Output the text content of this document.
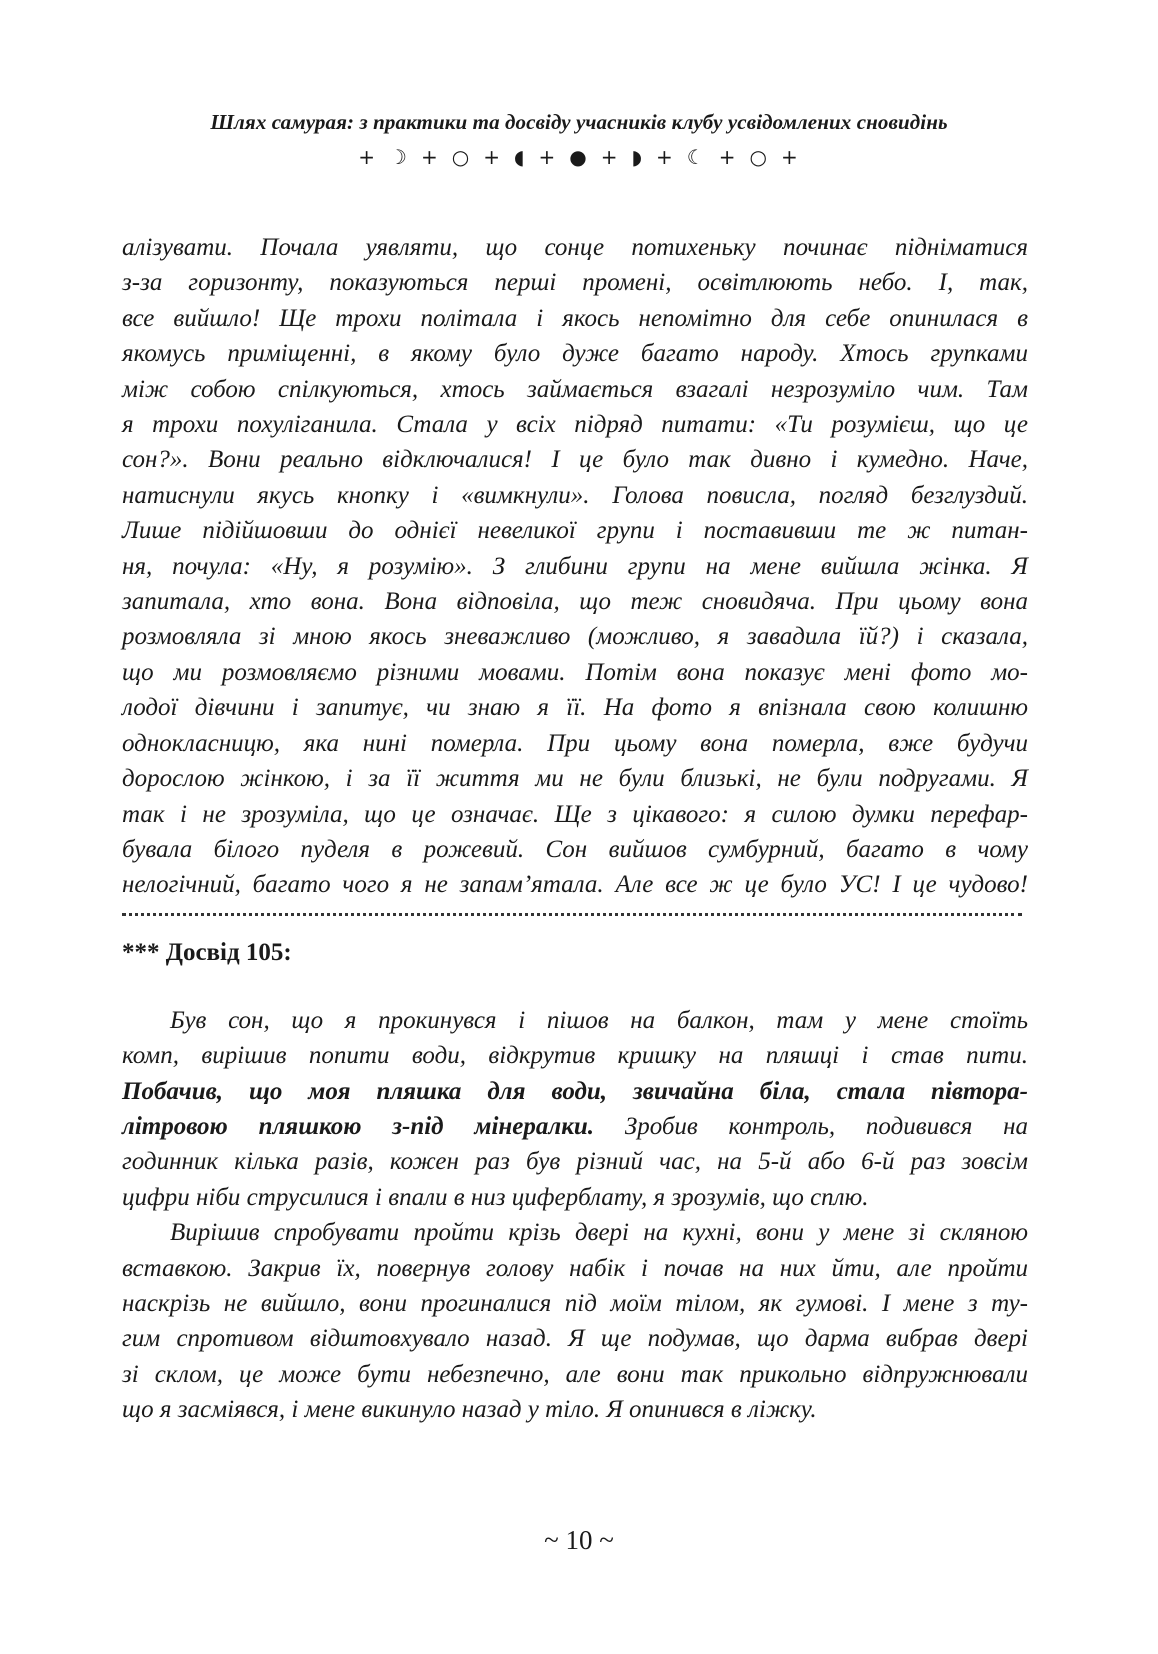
Шлях самурая: з практики та досвіду учасників клубу усвідомлених сновидінь
+ ☽ + ○ + ◖ + ● + ◗ + ☾ + ○ +
алізувати. Почала уявляти, що сонце потихеньку починає підніматися
з-за горизонту, показуються перші промені, освітлюють небо. І, так,
все вийшло! Ще трохи політала і якось непомітно для себе опинилася в
якомусь приміщенні, в якому було дуже багато народу. Хтось групками
між собою спілкуються, хтось займається взагалі незрозуміло чим. Там
я трохи похуліганила. Стала у всіх підряд питати: «Ти розумієш, що це
сон?». Вони реально відключалися! І це було так дивно і кумедно. Наче,
натиснули якусь кнопку і «вимкнули». Голова повисла, погляд безглуздий.
Лише підійшовши до однієї невеликої групи і поставивши те ж питан-
ня, почула: «Ну, я розумію». З глибини групи на мене вийшла жінка. Я
запитала, хто вона. Вона відповіла, що теж сновидяча. При цьому вона
розмовляла зі мною якось зневажливо (можливо, я завадила їй?) і сказала,
що ми розмовляємо різними мовами. Потім вона показує мені фото мо-
лодої дівчини і запитує, чи знаю я її. На фото я впізнала свою колишню
однокласницю, яка нині померла. При цьому вона померла, вже будучи
дорослою жінкою, і за її життя ми не були близькі, не були подругами. Я
так і не зрозуміла, що це означає. Ще з цікавого: я силою думки перефар-
бувала білого пуделя в рожевий. Сон вийшов сумбурний, багато в чому
нелогічний, багато чого я не запам’ятала. Але все ж це було УС! І це чудово!
*** Досвід 105:
Був сон, що я прокинувся і пішов на балкон, там у мене стоїть
комп, вирішив попити води, відкрутив кришку на пляшці і став пити.
Побачив, що моя пляшка для води, звичайна біла, стала півтора-
літровою пляшкою з-під мінералки. Зробив контроль, подивився на
годинник кілька разів, кожен раз був різний час, на 5-й або 6-й раз зовсім
цифри ніби струсилися і впали в низ циферблату, я зрозумів, що сплю.
Вирішив спробувати пройти крізь двері на кухні, вони у мене зі скляною
вставкою. Закрив їх, повернув голову набік і почав на них йти, але пройти
наскрізь не вийшло, вони прогиналися під моїм тілом, як гумові. І мене з ту-
гим спротивом відштовхувало назад. Я ще подумав, що дарма вибрав двері
зі склом, це може бути небезпечно, але вони так прикольно відпружнювали
що я засміявся, і мене викинуло назад у тіло. Я опинився в ліжку.
~ 10 ~
